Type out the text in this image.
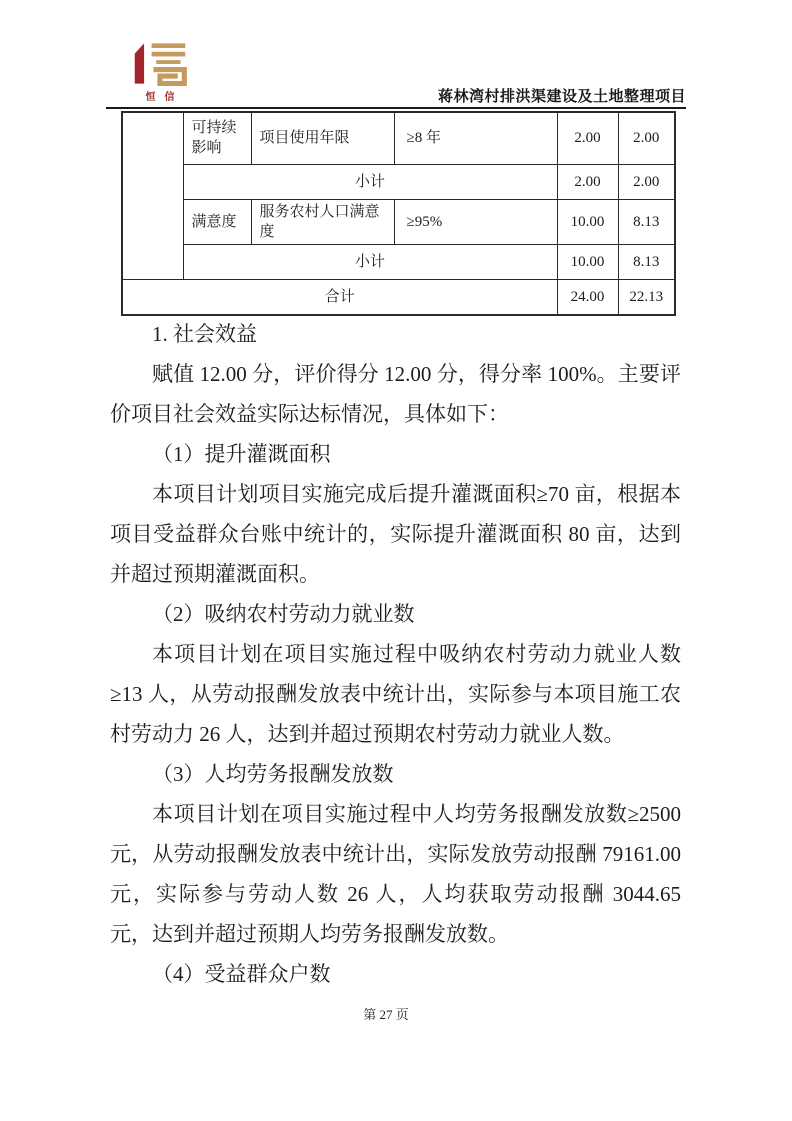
恒信	蒋林湾村排洪渠建设及土地整理项目
	可持续影响	项目使用年限	≥8 年	2.00	2.00
	小计			2.00	2.00
	满意度	服务农村人口满意度	≥95%	10.00	8.13
	小计			10.00	8.13
合计				24.00	22.13

1. 社会效益

赋值 12.00 分，评价得分 12.00 分，得分率 100%。主要评价项目社会效益实际达标情况，具体如下：

（1）提升灌溉面积

本项目计划项目实施完成后提升灌溉面积≥70 亩，根据本项目受益群众台账中统计的，实际提升灌溉面积 80 亩，达到并超过预期灌溉面积。

（2）吸纳农村劳动力就业数

本项目计划在项目实施过程中吸纳农村劳动力就业人数≥13 人，从劳动报酬发放表中统计出，实际参与本项目施工农村劳动力 26 人，达到并超过预期农村劳动力就业人数。

（3）人均劳务报酬发放数

本项目计划在项目实施过程中人均劳务报酬发放数≥2500 元，从劳动报酬发放表中统计出，实际发放劳动报酬 79161.00 元，实际参与劳动人数 26 人，人均获取劳动报酬 3044.65 元，达到并超过预期人均劳务报酬发放数。

（4）受益群众户数

第 27 页
